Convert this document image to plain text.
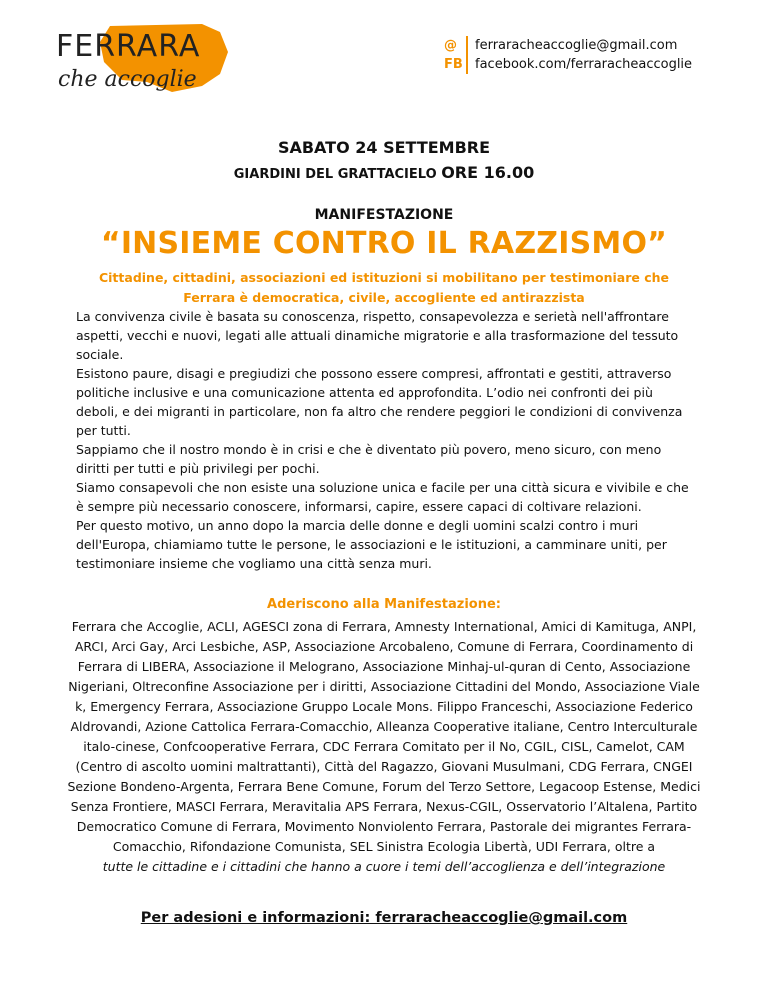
FERRARA
che accoglie
@	ferraracheaccoglie@gmail.com
FB facebook.com/ferraracheaccoglie
SABATO 24 SETTEMBRE
GIARDINI DEL GRATTACIELO ORE 16.00
MANIFESTAZIONE
“INSIEME CONTRO IL RAZZISMO”
Cittadine, cittadini, associazioni ed istituzioni si mobilitano per testimoniare che Ferrara è democratica, civile, accogliente ed antirazzista

La convivenza civile è basata su conoscenza, rispetto, consapevolezza e serietà nell'affrontare aspetti, vecchi e nuovi, legati alle attuali dinamiche migratorie e alla trasformazione del tessuto sociale.

Esistono paure, disagi e pregiudizi che possono essere compresi, affrontati e gestiti, attraverso politiche inclusive e una comunicazione attenta ed approfondita. L’odio nei confronti dei più deboli, e dei migranti in particolare, non fa altro che rendere peggiori le condizioni di convivenza per tutti.

Sappiamo che il nostro mondo è in crisi e che è diventato più povero, meno sicuro, con meno diritti per tutti e più privilegi per pochi.

Siamo consapevoli che non esiste una soluzione unica e facile per una città sicura e vivibile e che è sempre più necessario conoscere, informarsi, capire, essere capaci di coltivare relazioni.

Per questo motivo, un anno dopo la marcia delle donne e degli uomini scalzi contro i muri dell'Europa, chiamiamo tutte le persone, le associazioni e le istituzioni, a camminare uniti, per testimoniare insieme che vogliamo una città senza muri.

Aderiscono alla Manifestazione:
Ferrara che Accoglie, ACLI, AGESCI zona di Ferrara, Amnesty International, Amici di Kamituga, ANPI, ARCI, Arci Gay, Arci Lesbiche, ASP, Associazione Arcobaleno, Comune di Ferrara, Coordinamento di Ferrara di LIBERA, Associazione il Melograno, Associazione Minhaj-ul-quran di Cento, Associazione Nigeriani, Oltreconfine Associazione per i diritti, Associazione Cittadini del Mondo, Associazione Viale k, Emergency Ferrara, Associazione Gruppo Locale Mons. Filippo Franceschi, Associazione Federico Aldrovandi, Azione Cattolica Ferrara-Comacchio, Alleanza Cooperative italiane, Centro Interculturale italo-cinese, Confcooperative Ferrara, CDC Ferrara Comitato per il No, CGIL, CISL, Camelot, CAM (Centro di ascolto uomini maltrattanti), Città del Ragazzo, Giovani Musulmani, CDG Ferrara, CNGEI Sezione Bondeno-Argenta, Ferrara Bene Comune, Forum del Terzo Settore, Legacoop Estense, Medici Senza Frontiere, MASCI Ferrara, Meravitalia APS Ferrara, Nexus-CGIL, Osservatorio l’Altalena, Partito Democratico Comune di Ferrara, Movimento Nonviolento Ferrara, Pastorale dei migrantes Ferrara-Comacchio, Rifondazione Comunista, SEL Sinistra Ecologia Libertà, UDI Ferrara, oltre a
tutte le cittadine e i cittadini che hanno a cuore i temi dell’accoglienza e dell’integrazione
Per adesioni e informazioni: ferraracheaccoglie@gmail.com
